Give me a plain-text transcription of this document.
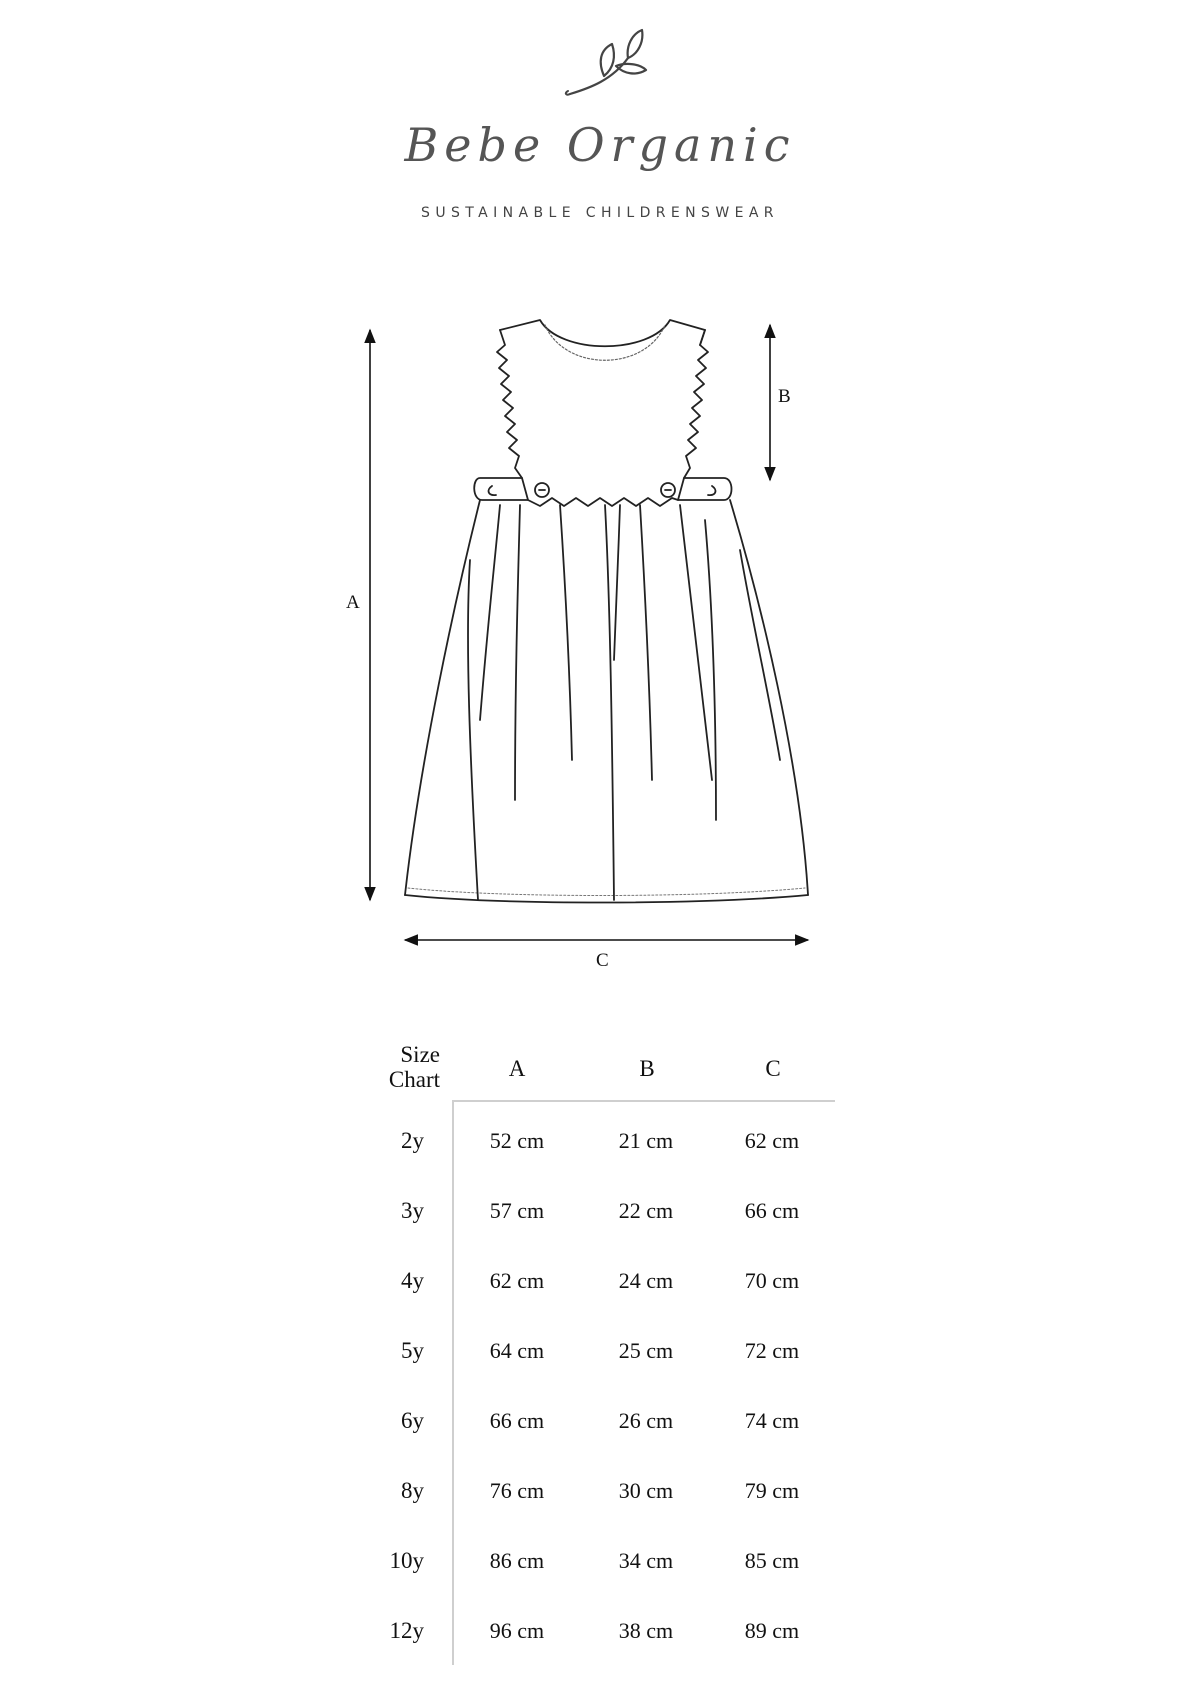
Bebe Organic
SUSTAINABLE CHILDRENSWEAR
A
B
C
Size
Chart	A	B	C
2y	52 cm	21 cm	62 cm
3y	57 cm	22 cm	66 cm
4y	62 cm	24 cm	70 cm
5y	64 cm	25 cm	72 cm
6y	66 cm	26 cm	74 cm
8y	76 cm	30 cm	79 cm
10y	86 cm	34 cm	85 cm
12y	96 cm	38 cm	89 cm
